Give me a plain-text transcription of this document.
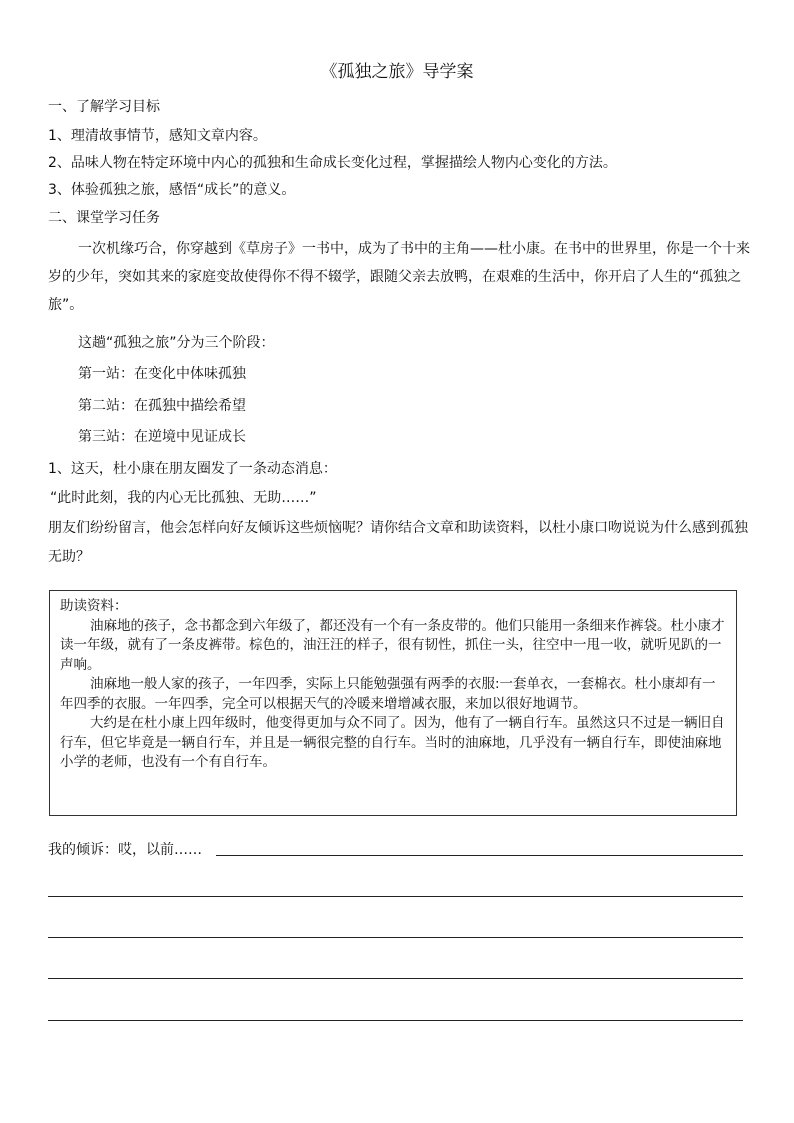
《孤独之旅》导学案
一、了解学习目标
1、理清故事情节，感知文章内容。
2、品味人物在特定环境中内心的孤独和生命成长变化过程，掌握描绘人物内心变化的方法。
3、体验孤独之旅，感悟“成长”的意义。
二、课堂学习任务

一次机缘巧合，你穿越到《草房子》一书中，成为了书中的主角——杜小康。在书中的世界里，你是一个十来岁的少年，突如其来的家庭变故使得你不得不辍学，跟随父亲去放鸭，在艰难的生活中，你开启了人生的“孤独之旅”。

这趟“孤独之旅”分为三个阶段：
第一站：在变化中体味孤独
第二站：在孤独中描绘希望
第三站：在逆境中见证成长
1、这天，杜小康在朋友圈发了一条动态消息：
“此时此刻，我的内心无比孤独、无助……”

朋友们纷纷留言，他会怎样向好友倾诉这些烦恼呢？请你结合文章和助读资料，以杜小康口吻说说为什么感到孤独无助？

助读资料：

油麻地的孩子，念书都念到六年级了，都还没有一个有一条皮带的。他们只能用一条细来作裤袋。杜小康才读一年级，就有了一条皮裤带。棕色的，油汪汪的样子，很有韧性，抓住一头，往空中一甩一收，就听见趴的一声响。

油麻地一般人家的孩子，一年四季，实际上只能勉强强有两季的衣服:一套单衣，一套棉衣。杜小康却有一年四季的衣服。一年四季，完全可以根据天气的冷暖来增增减衣服，来加以很好地调节。

大约是在杜小康上四年级时，他变得更加与众不同了。因为，他有了一辆自行车。虽然这只不过是一辆旧自行车，但它毕竟是一辆自行车，并且是一辆很完整的自行车。当时的油麻地，几乎没有一辆自行车，即使油麻地小学的老师，也没有一个有自行车。

我的倾诉：哎，以前……
